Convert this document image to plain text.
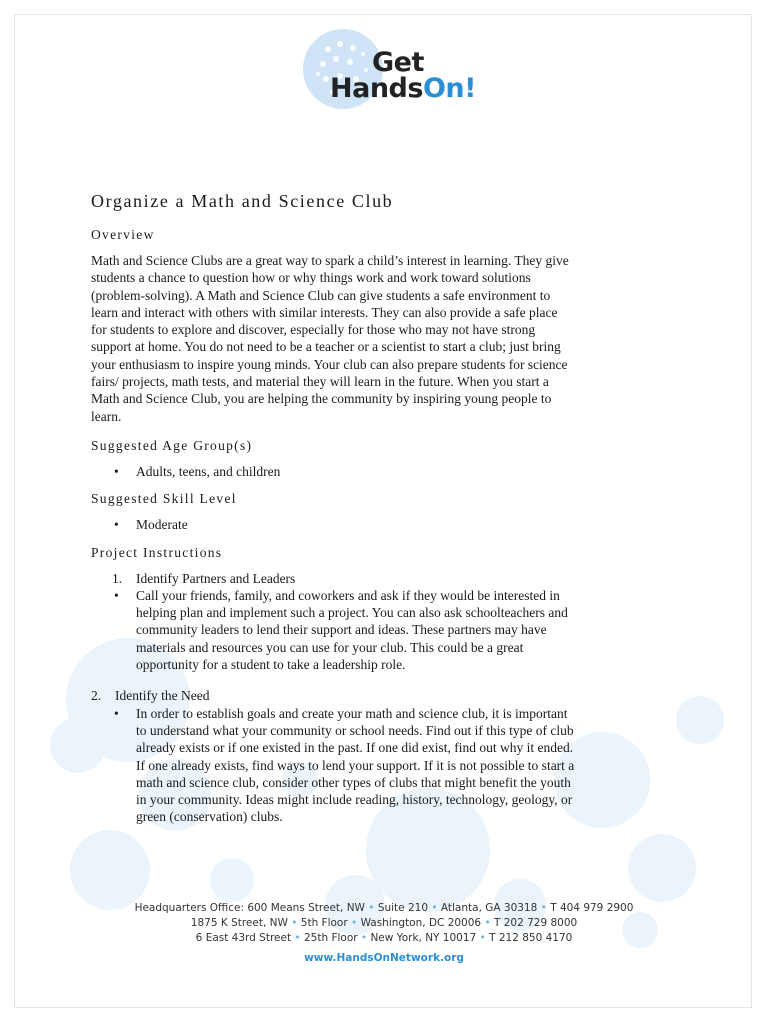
Get
HandsOn!
Organize a Math and Science Club
Overview

Math and Science Clubs are a great way to spark a child’s interest in learning. They give
students a chance to question how or why things work and work toward solutions
(problem-solving). A Math and Science Club can give students a safe environment to
learn and interact with others with similar interests. They can also provide a safe place
for students to explore and discover, especially for those who may not have strong
support at home. You do not need to be a teacher or a scientist to start a club; just bring
your enthusiasm to inspire young minds. Your club can also prepare students for science
fairs/ projects, math tests, and material they will learn in the future. When you start a
Math and Science Club, you are helping the community by inspiring young people to
learn.

Suggested Age Group(s)
• Adults, teens, and children
Suggested Skill Level
• Moderate
Project Instructions
1. Identify Partners and Leaders
• Call your friends, family, and coworkers and ask if they would be interested in
helping plan and implement such a project. You can also ask schoolteachers and
community leaders to lend their support and ideas. These partners may have
materials and resources you can use for your club. This could be a great
opportunity for a student to take a leadership role.
2. Identify the Need
• In order to establish goals and create your math and science club, it is important
to understand what your community or school needs. Find out if this type of club
already exists or if one existed in the past. If one did exist, find out why it ended.
If one already exists, find ways to lend your support. If it is not possible to start a
math and science club, consider other types of clubs that might benefit the youth
in your community. Ideas might include reading, history, technology, geology, or
green (conservation) clubs.
Headquarters Office: 600 Means Street, NW • Suite 210 • Atlanta, GA 30318 • T 404 979 2900
1875 K Street, NW • 5th Floor • Washington, DC 20006 • T 202 729 8000
6 East 43rd Street • 25th Floor • New York, NY 10017 • T 212 850 4170
www.HandsOnNetwork.org
